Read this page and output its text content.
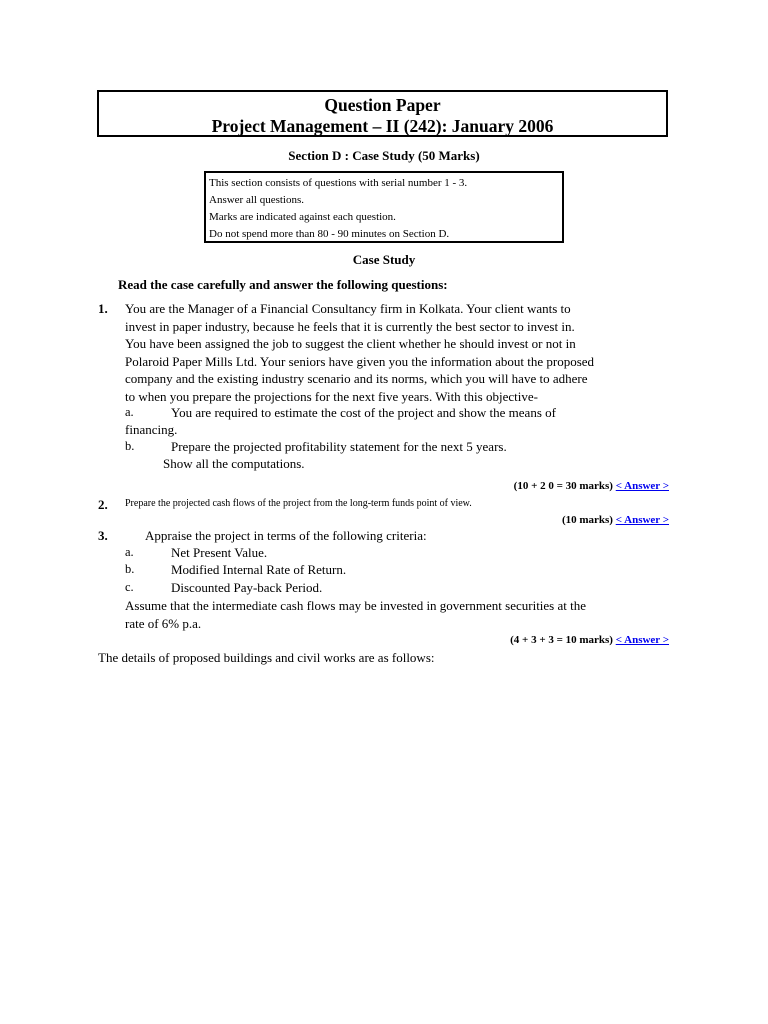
Question Paper
Project Management – II (242): January 2006
Section D : Case Study (50 Marks)
This section consists of questions with serial number 1 - 3.
Answer all questions.
Marks are indicated against each question.
Do not spend more than 80 - 90 minutes on Section D.
Case Study
Read the case carefully and answer the following questions:
1. You are the Manager of a Financial Consultancy firm in Kolkata. Your client wants to
invest in paper industry, because he feels that it is currently the best sector to invest in.
You have been assigned the job to suggest the client whether he should invest or not in
Polaroid Paper Mills Ltd. Your seniors have given you the information about the proposed
company and the existing industry scenario and its norms, which you will have to adhere
to when you prepare the projections for the next five years. With this objective-
a.	You are required to estimate the cost of the project and show the means of
financing.
b.	Prepare the projected profitability statement for the next 5 years.
Show all the computations.
(10 + 2 0 = 30 marks) < Answer >
2. Prepare the projected cash flows of the project from the long-term funds point of view.
(10 marks) < Answer >
3.	Appraise the project in terms of the following criteria:
a.	Net Present Value.
b.	Modified Internal Rate of Return.
c.	Discounted Pay-back Period.
Assume that the intermediate cash flows may be invested in government securities at the
rate of 6% p.a.
(4 + 3 + 3 = 10 marks) < Answer >
The details of proposed buildings and civil works are as follows:
